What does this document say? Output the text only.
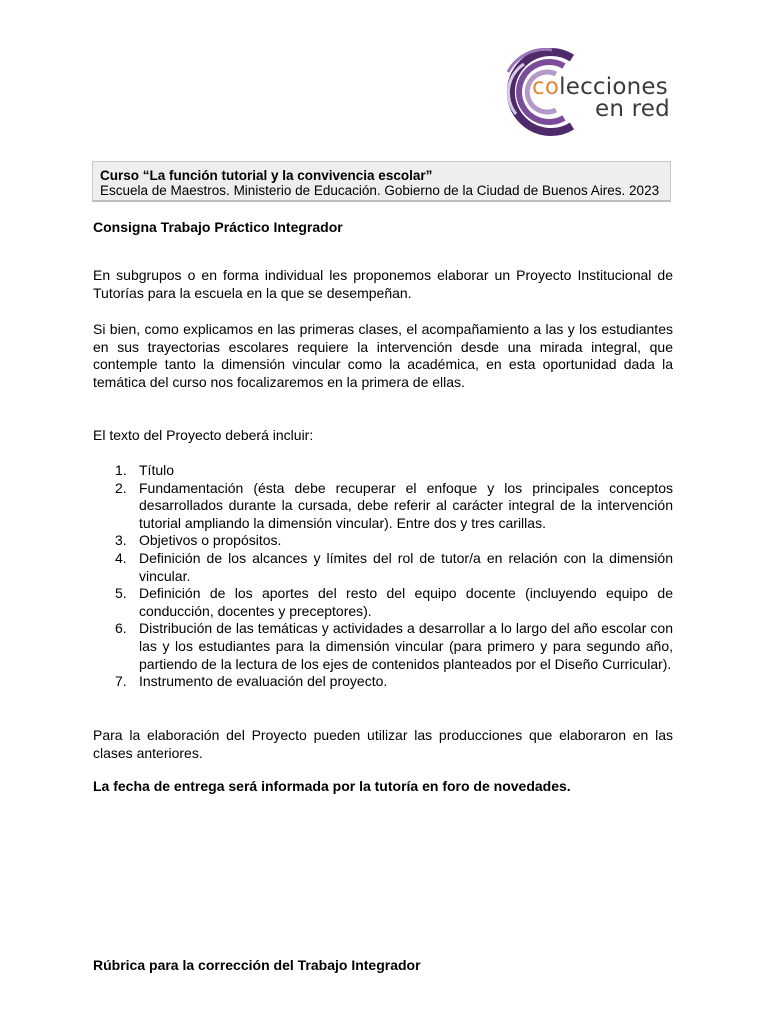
colecciones
en red
Curso “La función tutorial y la convivencia escolar”
Escuela de Maestros. Ministerio de Educación. Gobierno de la Ciudad de Buenos Aires. 2023
Consigna Trabajo Práctico Integrador
En subgrupos o en forma individual les proponemos elaborar un Proyecto Institucional de Tutorías para la escuela en la que se desempeñan.
Si bien, como explicamos en las primeras clases, el acompañamiento a las y los estudiantes en sus trayectorias escolares requiere la intervención desde una mirada integral, que contemple tanto la dimensión vincular como la académica, en esta oportunidad dada la temática del curso nos focalizaremos en la primera de ellas.
El texto del Proyecto deberá incluir:
1. Título
2. Fundamentación (ésta debe recuperar el enfoque y los principales conceptos desarrollados durante la cursada, debe referir al carácter integral de la intervención tutorial ampliando la dimensión vincular). Entre dos y tres carillas.
3. Objetivos o propósitos.
4. Definición de los alcances y límites del rol de tutor/a en relación con la dimensión vincular.
5. Definición de los aportes del resto del equipo docente (incluyendo equipo de conducción, docentes y preceptores).
6. Distribución de las temáticas y actividades a desarrollar a lo largo del año escolar con las y los estudiantes para la dimensión vincular (para primero y para segundo año, partiendo de la lectura de los ejes de contenidos planteados por el Diseño Curricular).
7. Instrumento de evaluación del proyecto.
Para la elaboración del Proyecto pueden utilizar las producciones que elaboraron en las clases anteriores.
La fecha de entrega será informada por la tutoría en foro de novedades.
Rúbrica para la corrección del Trabajo Integrador
